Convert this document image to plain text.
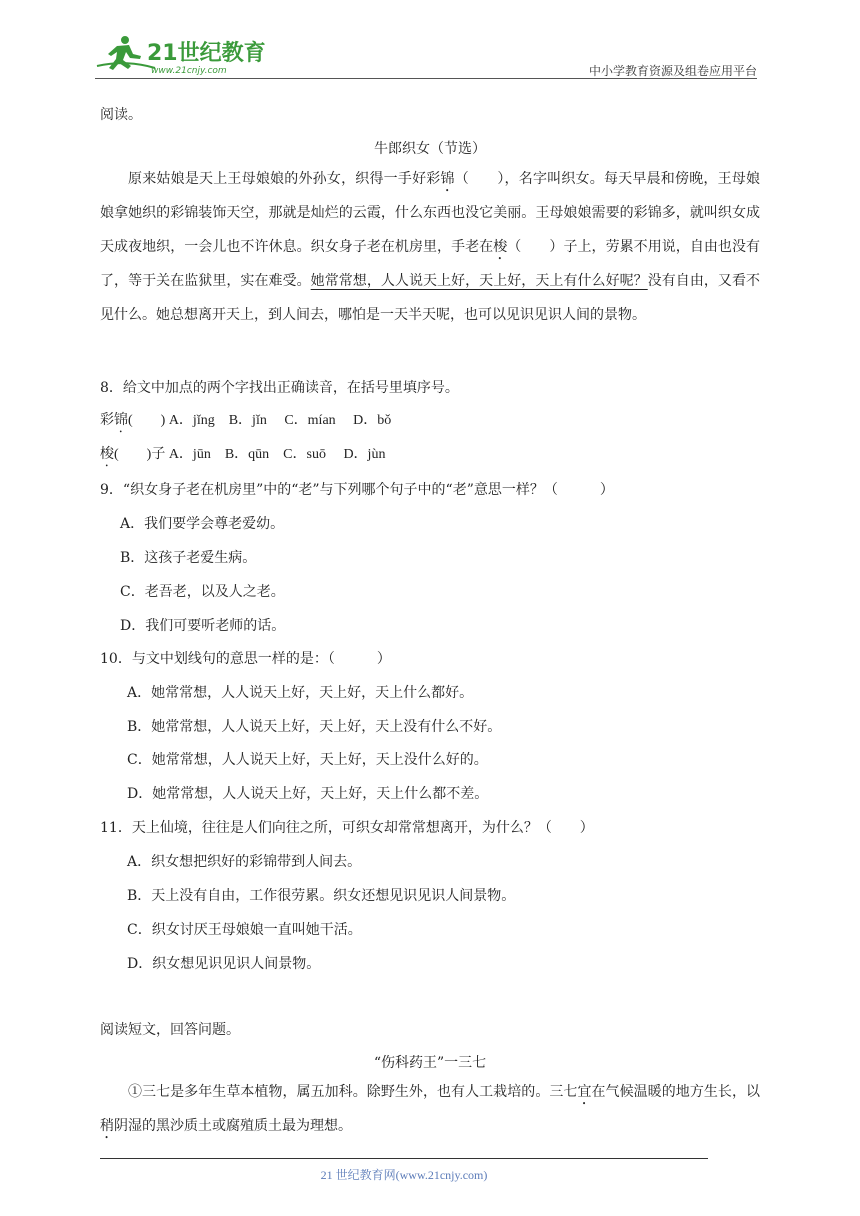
21世纪教育
www.21cnjy.com	中小学教育资源及组卷应用平台
阅读。
牛郎织女（节选）

原来姑娘是天上王母娘娘的外孙女，织得一手好彩锦（　　），名字叫织女。每天早晨和傍晚，王母娘娘拿她织的彩锦装饰天空，那就是灿烂的云霞，什么东西也没它美丽。王母娘娘需要的彩锦多，就叫织女成天成夜地织，一会儿也不许休息。织女身子老在机房里，手老在梭（　　）子上，劳累不用说，自由也没有了，等于关在监狱里，实在难受。她常常想，人人说天上好，天上好，天上有什么好呢？没有自由，又看不见什么。她总想离开天上，到人间去，哪怕是一天半天呢，也可以见识见识人间的景物。

8．给文中加点的两个字找出正确读音，在括号里填序号。
彩锦(　　) A．jǐng　B．jǐn　 C．mían　 D．bǒ
梭(　　)子 A．jūn　B．qūn　C．suō　 D．jùn
9．“织女身子老在机房里”中的“老”与下列哪个句子中的“老”意思一样？（　　　）
A．我们要学会尊老爱幼。
B．这孩子老爱生病。
C．老吾老，以及人之老。
D．我们可要听老师的话。
10．与文中划线句的意思一样的是：（　　　）
A．她常常想，人人说天上好，天上好，天上什么都好。
B．她常常想，人人说天上好，天上好，天上没有什么不好。
C．她常常想，人人说天上好，天上好，天上没什么好的。
D．她常常想，人人说天上好，天上好，天上什么都不差。
11．天上仙境，往往是人们向往之所，可织女却常常想离开，为什么？（　　）
A．织女想把织好的彩锦带到人间去。
B．天上没有自由，工作很劳累。织女还想见识见识人间景物。
C．织女讨厌王母娘娘一直叫她干活。
D．织女想见识见识人间景物。
阅读短文，回答问题。
“伤科药王”一三七

①三七是多年生草本植物，属五加科。除野生外，也有人工栽培的。三七宜在气候温暖的地方生长，以稍阴湿的黑沙质土或腐殖质土最为理想。

21 世纪教育网(www.21cnjy.com)
